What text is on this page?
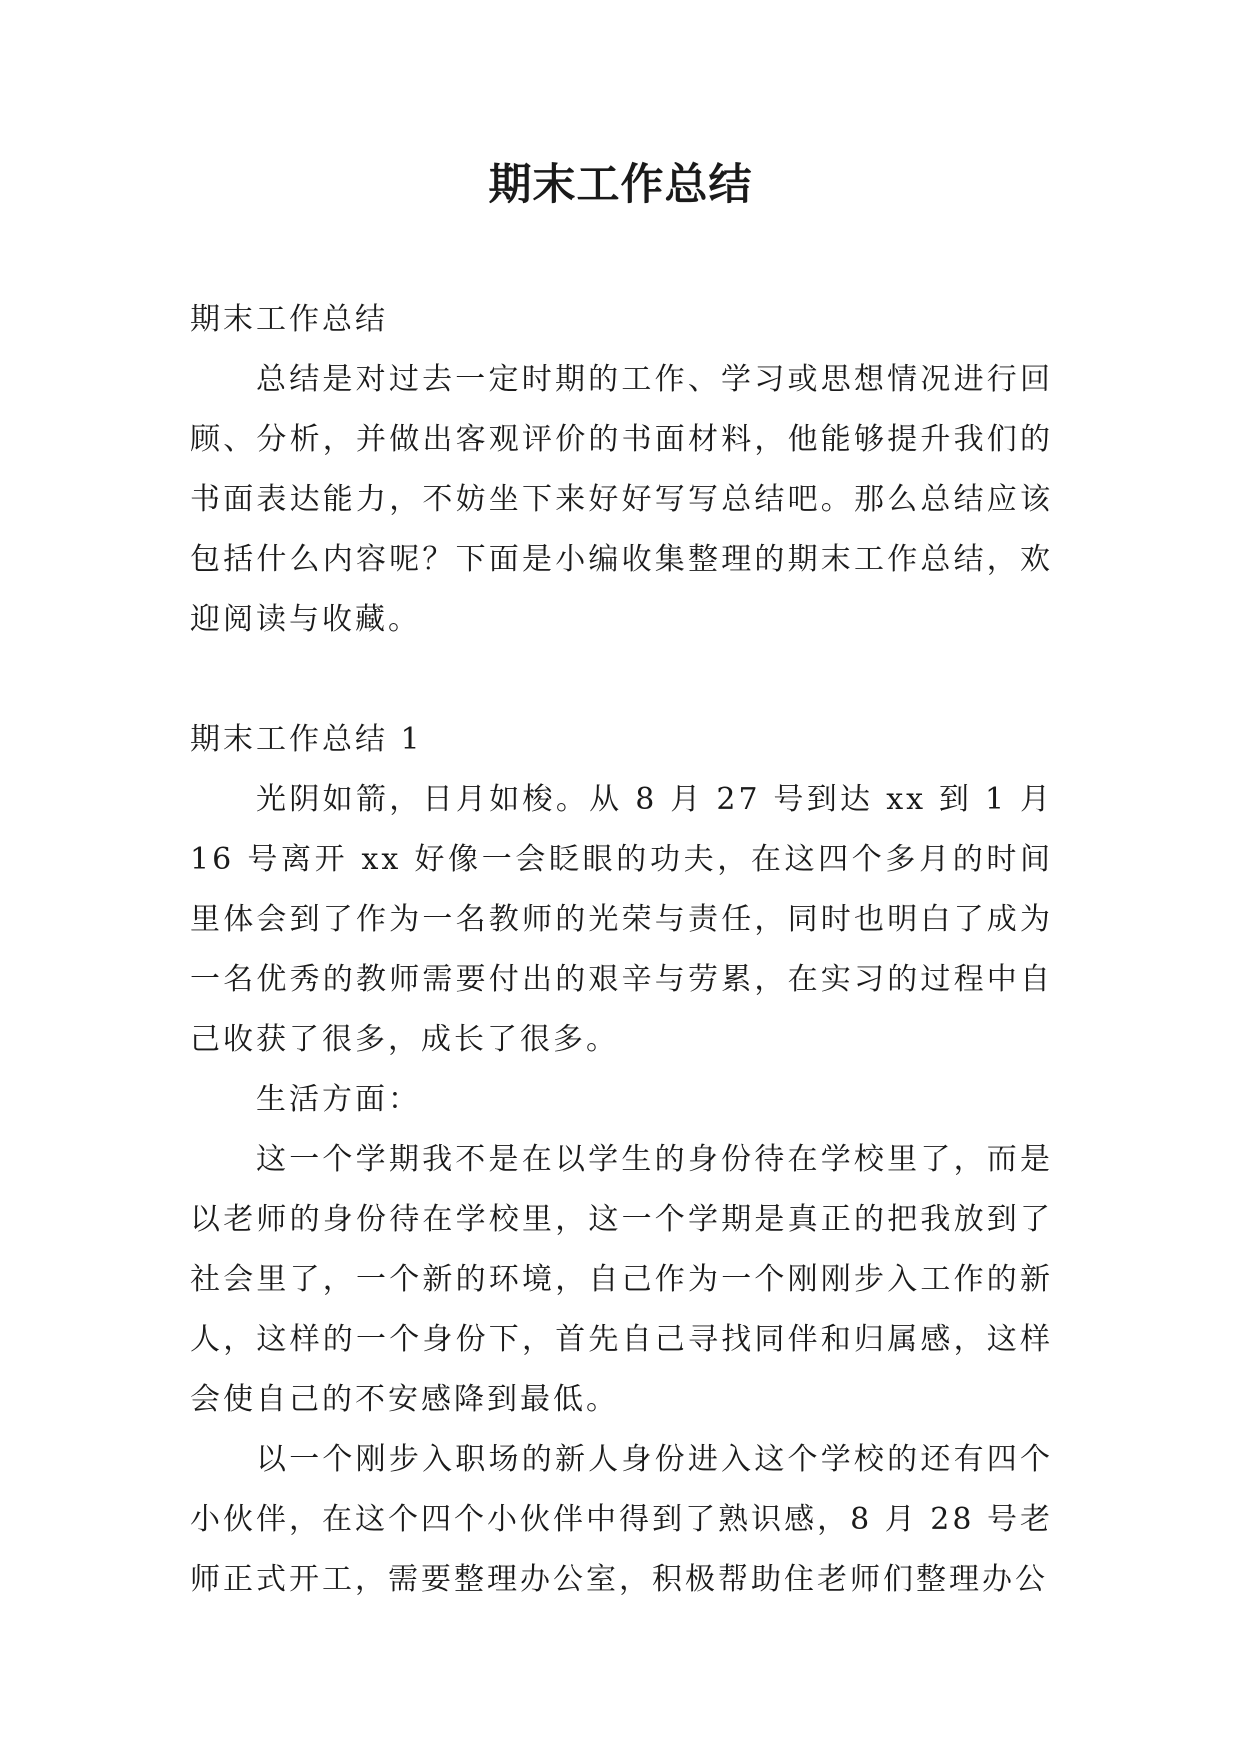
期末工作总结

期末工作总结

总结是对过去一定时期的工作、学习或思想情况进行回顾、分析，并做出客观评价的书面材料，他能够提升我们的书面表达能力，不妨坐下来好好写写总结吧。那么总结应该包括什么内容呢？下面是小编收集整理的期末工作总结，欢迎阅读与收藏。

期末工作总结 1

光阴如箭，日月如梭。从 8 月 27 号到达 xx 到 1 月 16 号离开 xx 好像一会眨眼的功夫，在这四个多月的时间里体会到了作为一名教师的光荣与责任，同时也明白了成为一名优秀的教师需要付出的艰辛与劳累，在实习的过程中自己收获了很多，成长了很多。

生活方面：

这一个学期我不是在以学生的身份待在学校里了，而是以老师的身份待在学校里，这一个学期是真正的把我放到了社会里了，一个新的环境，自己作为一个刚刚步入工作的新人，这样的一个身份下，首先自己寻找同伴和归属感，这样会使自己的不安感降到最低。

以一个刚步入职场的新人身份进入这个学校的还有四个小伙伴，在这个四个小伙伴中得到了熟识感，8 月 28 号老师正式开工，需要整理办公室，积极帮助住老师们整理办公
